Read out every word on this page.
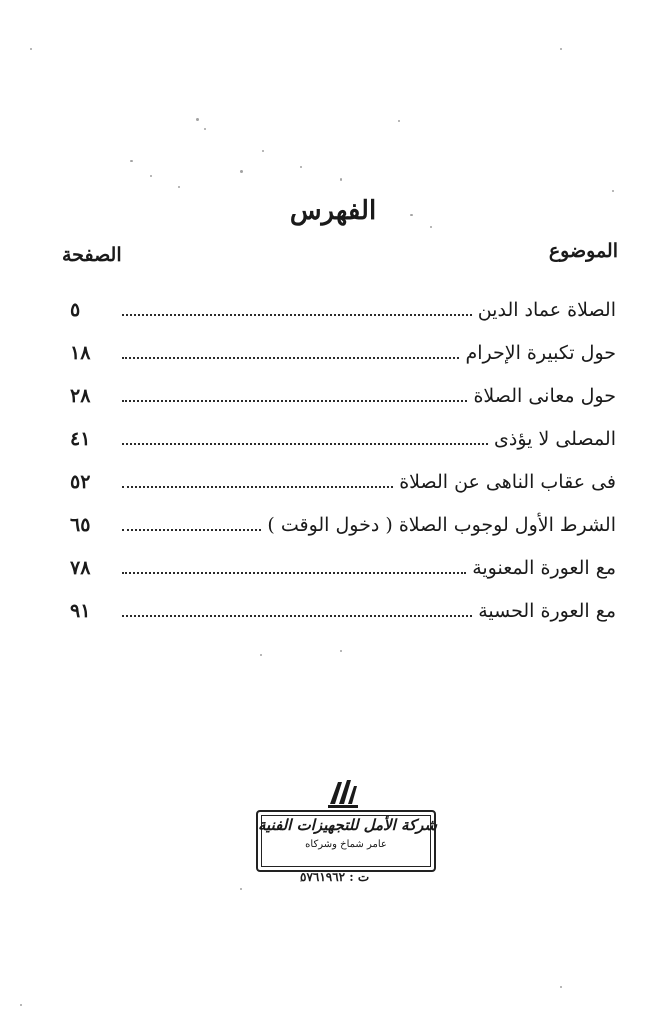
الفهرس
الموضوع
الصفحة
الصلاة عماد الدين
٥
حول تكبيرة الإحرام
١٨
حول معانى الصلاة
٢٨
المصلى لا يؤذى
٤١
فى عقاب الناهى عن الصلاة
٥٢
الشرط الأول لوجوب الصلاة ( دخول الوقت )
٦٥
مع العورة المعنوية
٧٨
مع العورة الحسية
٩١
شركة الأمل للتجهيزات الفنية
عامر شماخ وشركاه
ت : ٥٧٦١٩٦٢
